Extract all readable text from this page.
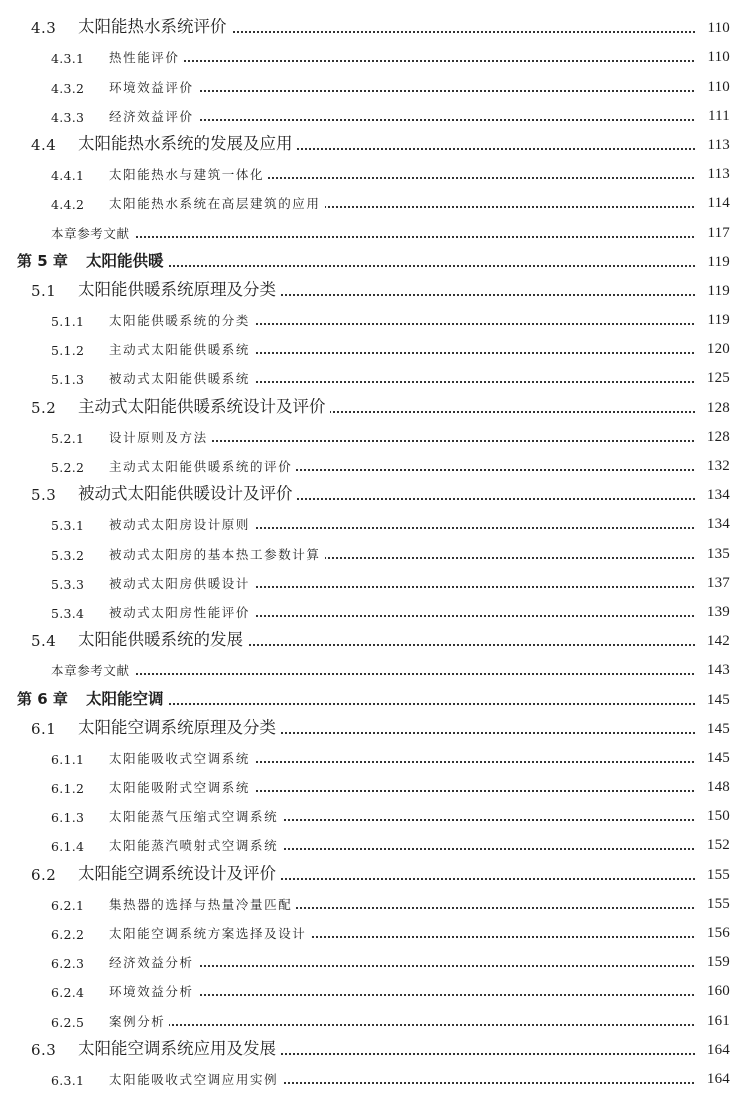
4.3 太阳能热水系统评价	110
4.3.1 热性能评价	110
4.3.2 环境效益评价	110
4.3.3 经济效益评价	111
4.4 太阳能热水系统的发展及应用	113
4.4.1 太阳能热水与建筑一体化	113
4.4.2 太阳能热水系统在高层建筑的应用	114
本章参考文献	117
第 5 章 太阳能供暖	119
5.1 太阳能供暖系统原理及分类	119
5.1.1 太阳能供暖系统的分类	119
5.1.2 主动式太阳能供暖系统	120
5.1.3 被动式太阳能供暖系统	125
5.2 主动式太阳能供暖系统设计及评价	128
5.2.1 设计原则及方法	128
5.2.2 主动式太阳能供暖系统的评价	132
5.3 被动式太阳能供暖设计及评价	134
5.3.1 被动式太阳房设计原则	134
5.3.2 被动式太阳房的基本热工参数计算	135
5.3.3 被动式太阳房供暖设计	137
5.3.4 被动式太阳房性能评价	139
5.4 太阳能供暖系统的发展	142
本章参考文献	143
第 6 章 太阳能空调	145
6.1 太阳能空调系统原理及分类	145
6.1.1 太阳能吸收式空调系统	145
6.1.2 太阳能吸附式空调系统	148
6.1.3 太阳能蒸气压缩式空调系统	150
6.1.4 太阳能蒸汽喷射式空调系统	152
6.2 太阳能空调系统设计及评价	155
6.2.1 集热器的选择与热量冷量匹配	155
6.2.2 太阳能空调系统方案选择及设计	156
6.2.3 经济效益分析	159
6.2.4 环境效益分析	160
6.2.5 案例分析	161
6.3 太阳能空调系统应用及发展	164
6.3.1 太阳能吸收式空调应用实例	164
